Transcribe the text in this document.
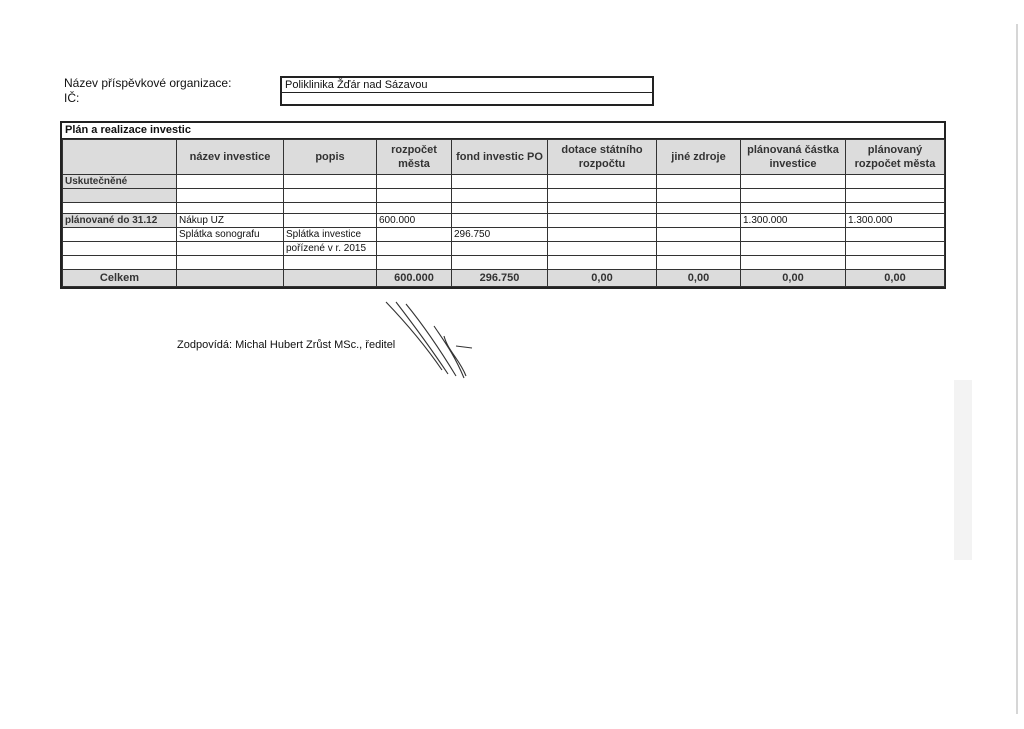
Název příspěvkové organizace:
IČ:
Poliklinika Žďár nad Sázavou
Plán a realizace investic
	název investice	popis	rozpočet města	fond investic PO	dotace státního rozpočtu	jiné zdroje	plánovaná částka investice	plánovaný rozpočet města
Uskutečněné								

plánované do 31.12	Nákup UZ		600.000				1.300.000	1.300.000
	Splátka sonografu	Splátka investice		296.750				
		pořízené v r. 2015						

Celkem			600.000	296.750	0,00	0,00	0,00	0,00
Zodpovídá: Michal Hubert Zrůst MSc., ředitel
